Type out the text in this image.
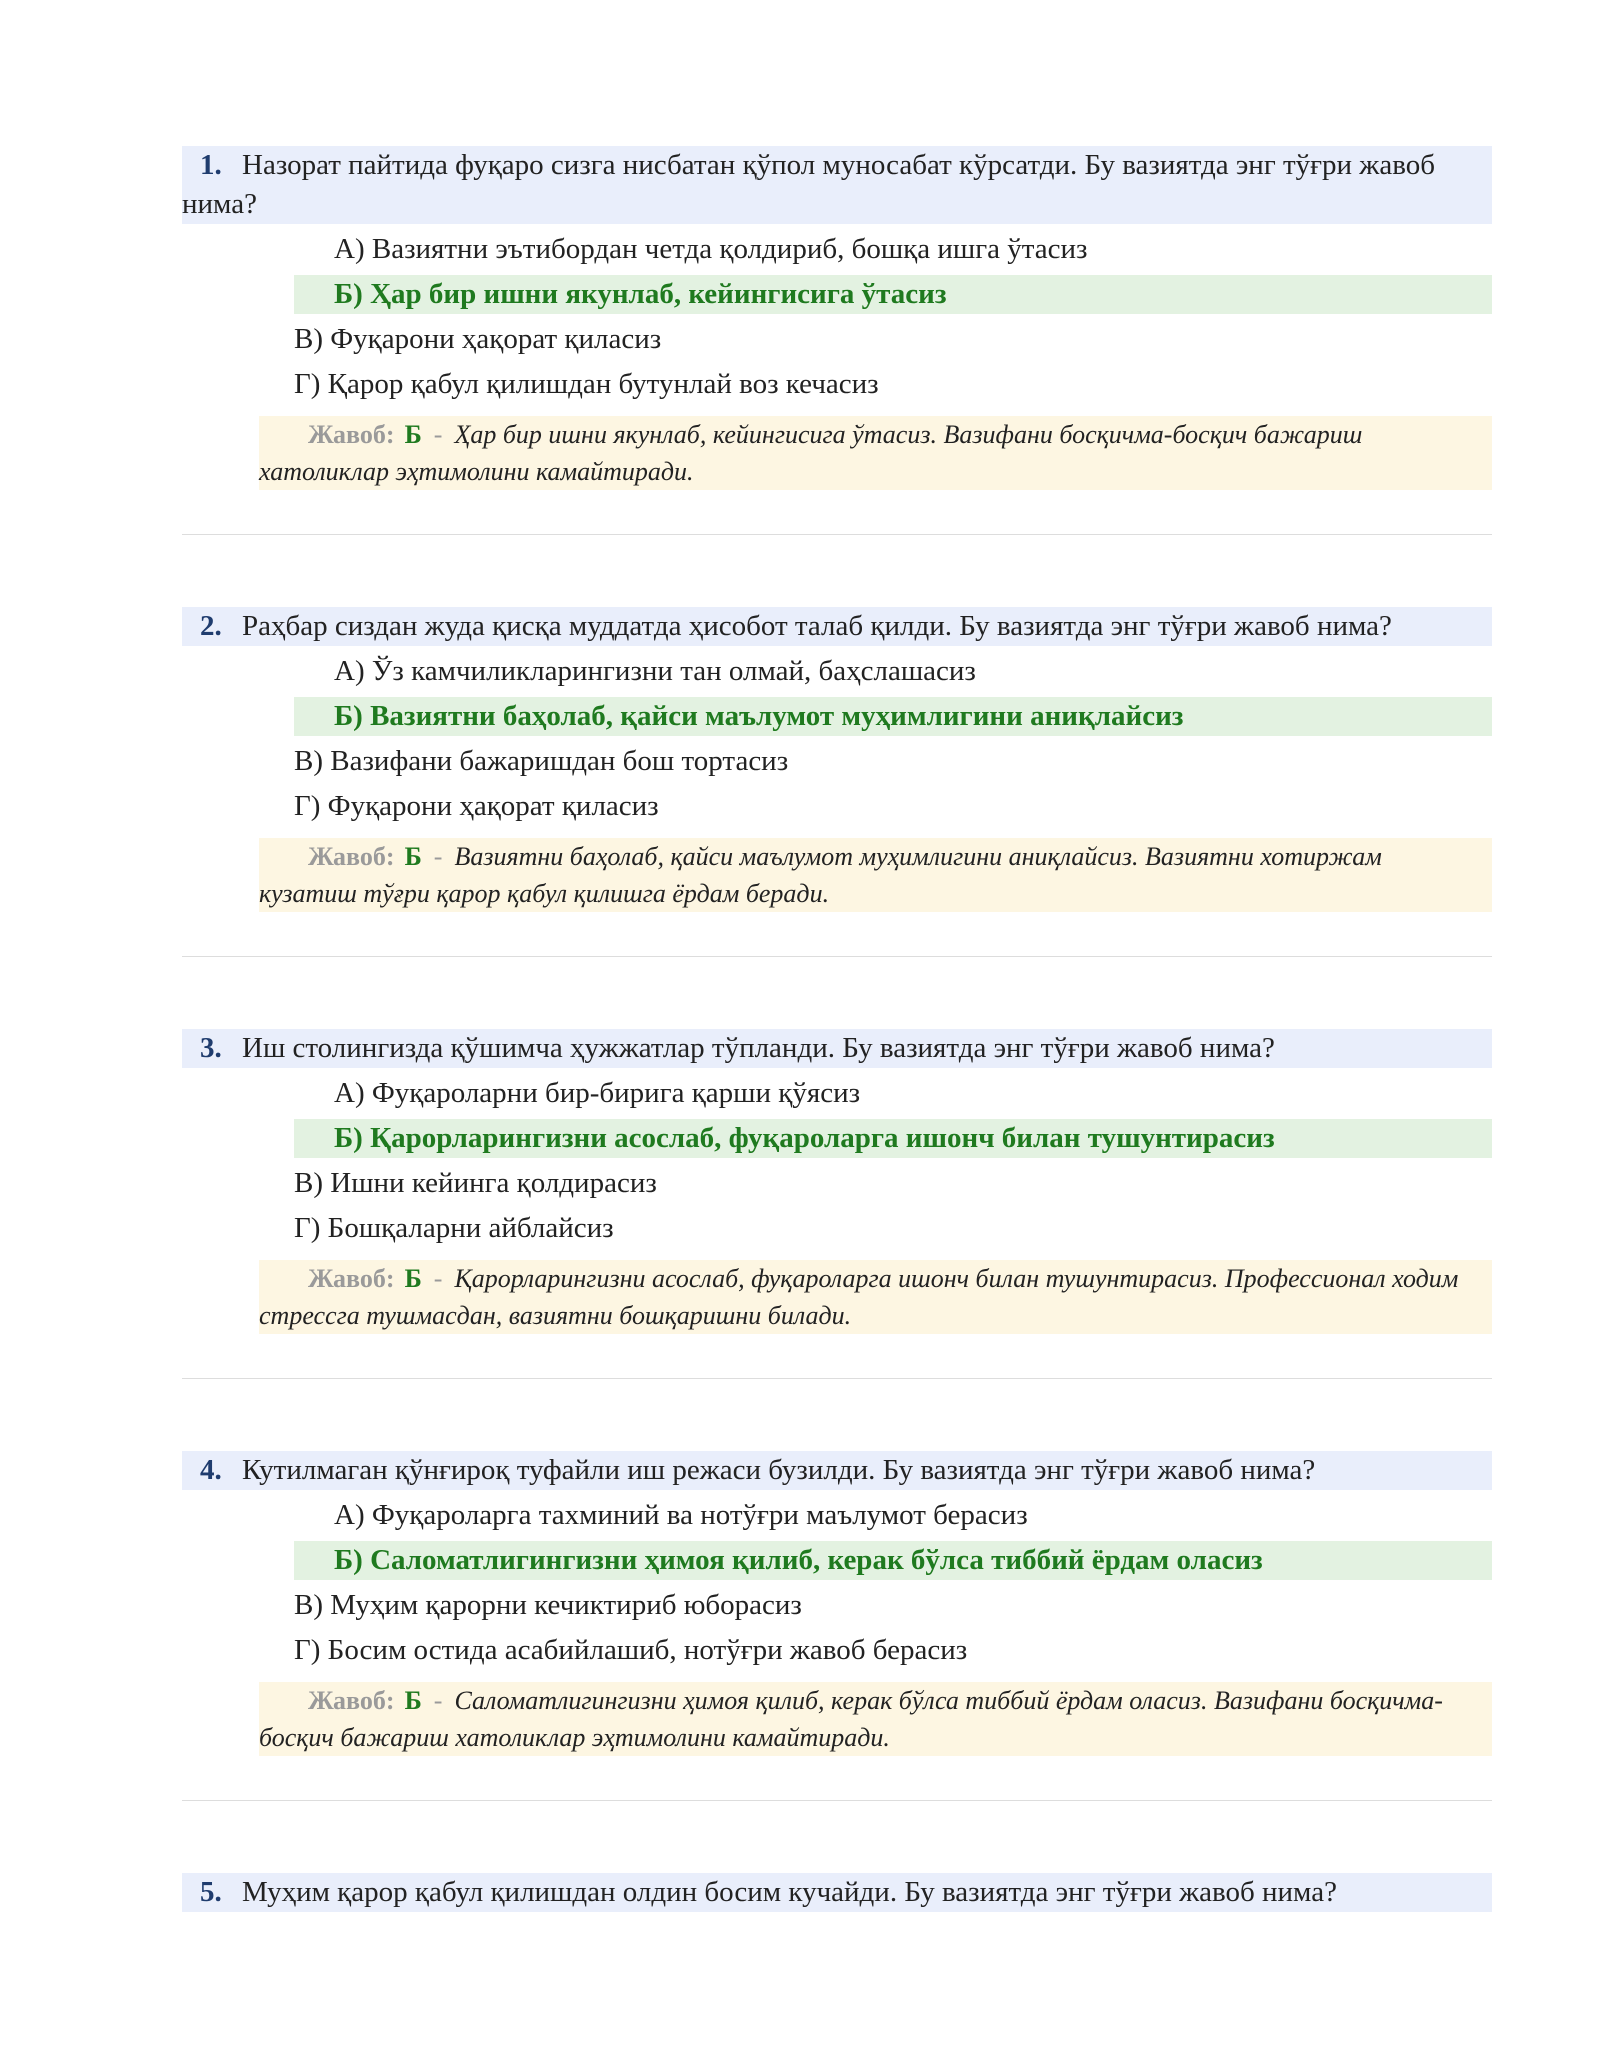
1. Назорат пайтида фуқаро сизга нисбатан қўпол муносабат кўрсатди. Бу вазиятда энг тўғри жавоб нима?
А) Вазиятни эътибордан четда қолдириб, бошқа ишга ўтасиз
Б) Ҳар бир ишни якунлаб, кейингисига ўтасиз
В) Фуқарони ҳақорат қиласиз
Г) Қарор қабул қилишдан бутунлай воз кечасиз
Жавоб: Б - Ҳар бир ишни якунлаб, кейингисига ўтасиз. Вазифани босқичма-босқич бажариш хатоликлар эҳтимолини камайтиради.
2. Раҳбар сиздан жуда қисқа муддатда ҳисобот талаб қилди. Бу вазиятда энг тўғри жавоб нима?
А) Ўз камчиликларингизни тан олмай, баҳслашасиз
Б) Вазиятни баҳолаб, қайси маълумот муҳимлигини аниқлайсиз
В) Вазифани бажаришдан бош тортасиз
Г) Фуқарони ҳақорат қиласиз
Жавоб: Б - Вазиятни баҳолаб, қайси маълумот муҳимлигини аниқлайсиз. Вазиятни хотиржам кузатиш тўғри қарор қабул қилишга ёрдам беради.
3. Иш столингизда қўшимча ҳужжатлар тўпланди. Бу вазиятда энг тўғри жавоб нима?
А) Фуқароларни бир-бирига қарши қўясиз
Б) Қарорларингизни асослаб, фуқароларга ишонч билан тушунтирасиз
В) Ишни кейинга қолдирасиз
Г) Бошқаларни айблайсиз
Жавоб: Б - Қарорларингизни асослаб, фуқароларга ишонч билан тушунтирасиз. Профессионал ходим стрессга тушмасдан, вазиятни бошқаришни билади.
4. Кутилмаган қўнғироқ туфайли иш режаси бузилди. Бу вазиятда энг тўғри жавоб нима?
А) Фуқароларга тахминий ва нотўғри маълумот берасиз
Б) Саломатлигингизни ҳимоя қилиб, керак бўлса тиббий ёрдам оласиз
В) Муҳим қарорни кечиктириб юборасиз
Г) Босим остида асабийлашиб, нотўғри жавоб берасиз
Жавоб: Б - Саломатлигингизни ҳимоя қилиб, керак бўлса тиббий ёрдам оласиз. Вазифани босқичма-босқич бажариш хатоликлар эҳтимолини камайтиради.
5. Муҳим қарор қабул қилишдан олдин босим кучайди. Бу вазиятда энг тўғри жавоб нима?
